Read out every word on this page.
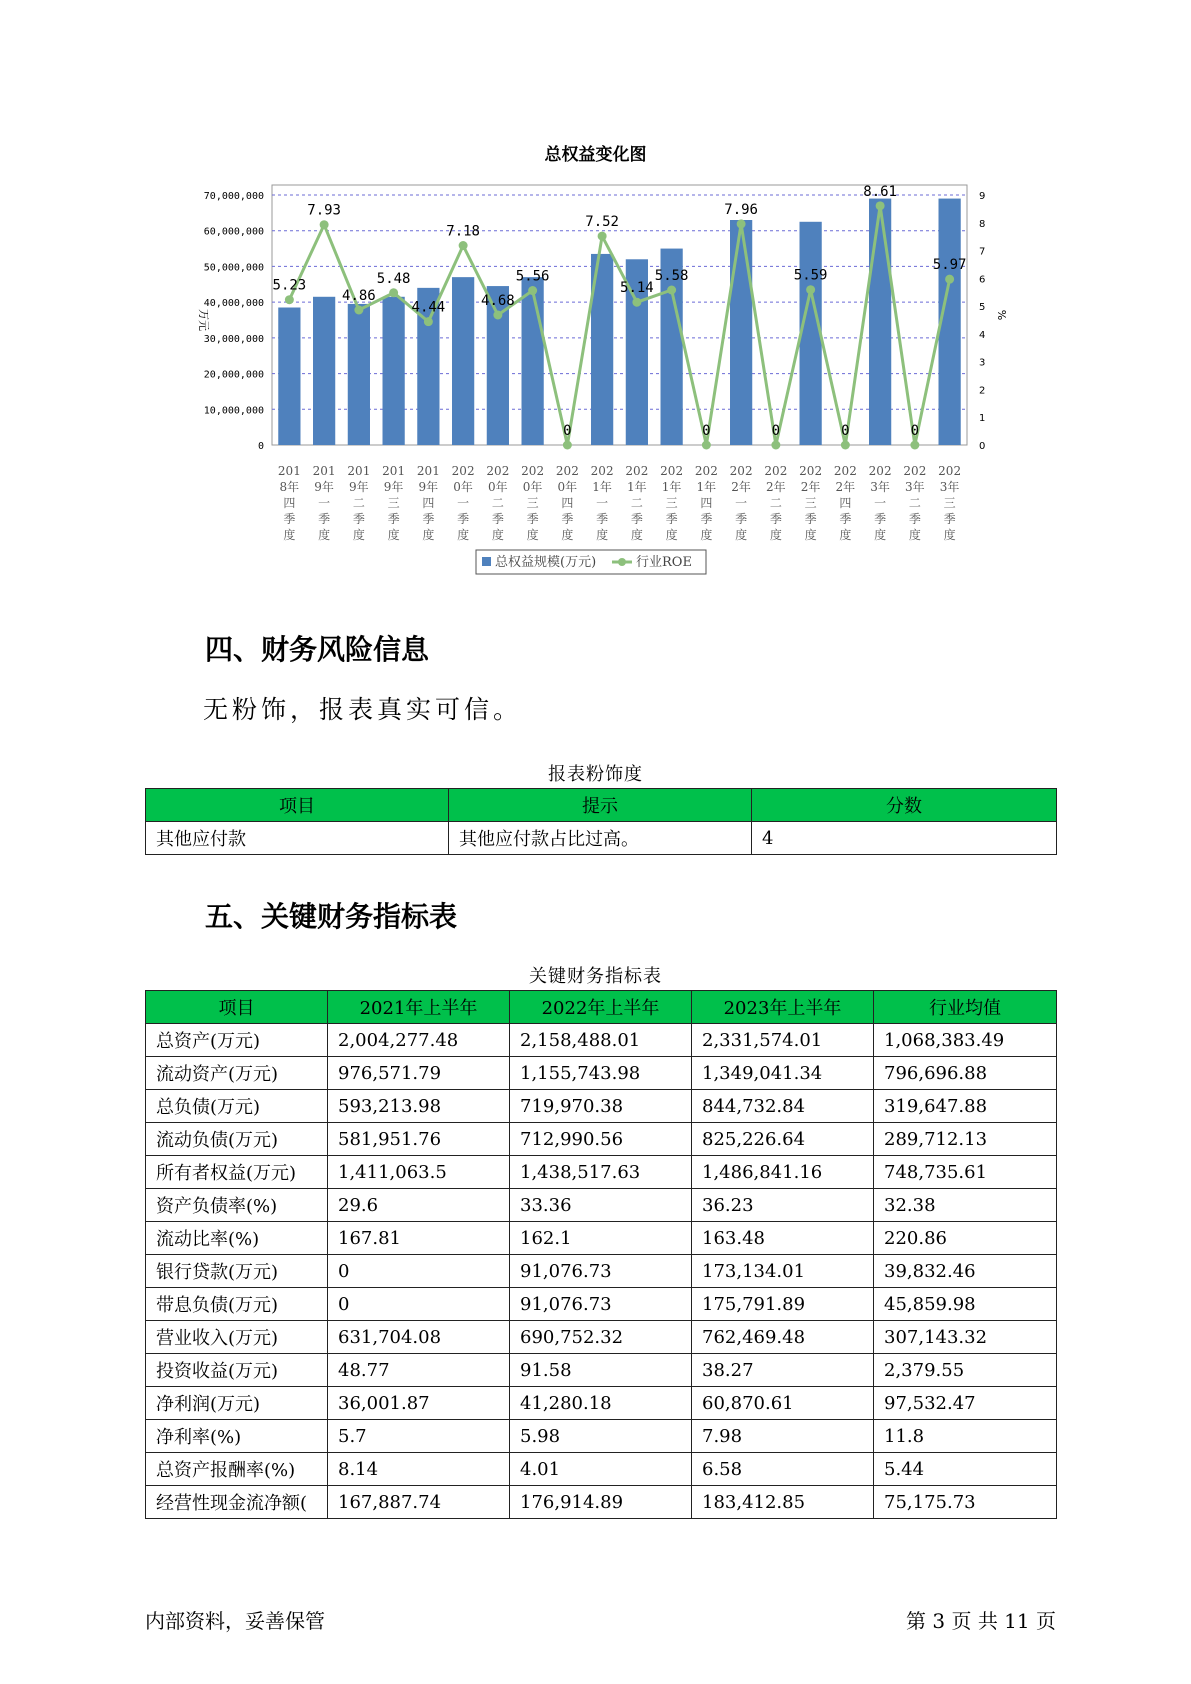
总权益变化图
0
10,000,000
20,000,000
30,000,000
40,000,000
50,000,000
60,000,000
70,000,000
0
1
2
3
4
5
6
7
8
9
万元	%
5.23
7.93
4.86
5.48
4.44
7.18
4.68
5.56
0
7.52
5.14
5.58
0
7.96
0
5.59
0
8.61
0
5.97
201 8年四季度
201 9年一季度
201 9年二季度
201 9年三季度
201 9年四季度
202 0年一季度
202 0年二季度
202 0年三季度
202 0年四季度
202 1年一季度
202 1年二季度
202 1年三季度
202 1年四季度
202 2年一季度
202 2年二季度
202 2年三季度
202 2年四季度
202 3年一季度
202 3年二季度
202 3年三季度
总权益规模(万元)	行业ROE
四、财务风险信息
无粉饰，报表真实可信。
报表粉饰度
项目	提示	分数
其他应付款	其他应付款占比过高。	4
五、关键财务指标表
关键财务指标表
项目	2021年上半年	2022年上半年	2023年上半年	行业均值
总资产(万元)	2,004,277.48	2,158,488.01	2,331,574.01	1,068,383.49
流动资产(万元)	976,571.79	1,155,743.98	1,349,041.34	796,696.88
总负债(万元)	593,213.98	719,970.38	844,732.84	319,647.88
流动负债(万元)	581,951.76	712,990.56	825,226.64	289,712.13
所有者权益(万元)	1,411,063.5	1,438,517.63	1,486,841.16	748,735.61
资产负债率(%)	29.6	33.36	36.23	32.38
流动比率(%)	167.81	162.1	163.48	220.86
银行贷款(万元)	0	91,076.73	173,134.01	39,832.46
带息负债(万元)	0	91,076.73	175,791.89	45,859.98
营业收入(万元)	631,704.08	690,752.32	762,469.48	307,143.32
投资收益(万元)	48.77	91.58	38.27	2,379.55
净利润(万元)	36,001.87	41,280.18	60,870.61	97,532.47
净利率(%)	5.7	5.98	7.98	11.8
总资产报酬率(%)	8.14	4.01	6.58	5.44
经营性现金流净额(	167,887.74	176,914.89	183,412.85	75,175.73
内部资料，妥善保管	第 3 页 共 11 页
